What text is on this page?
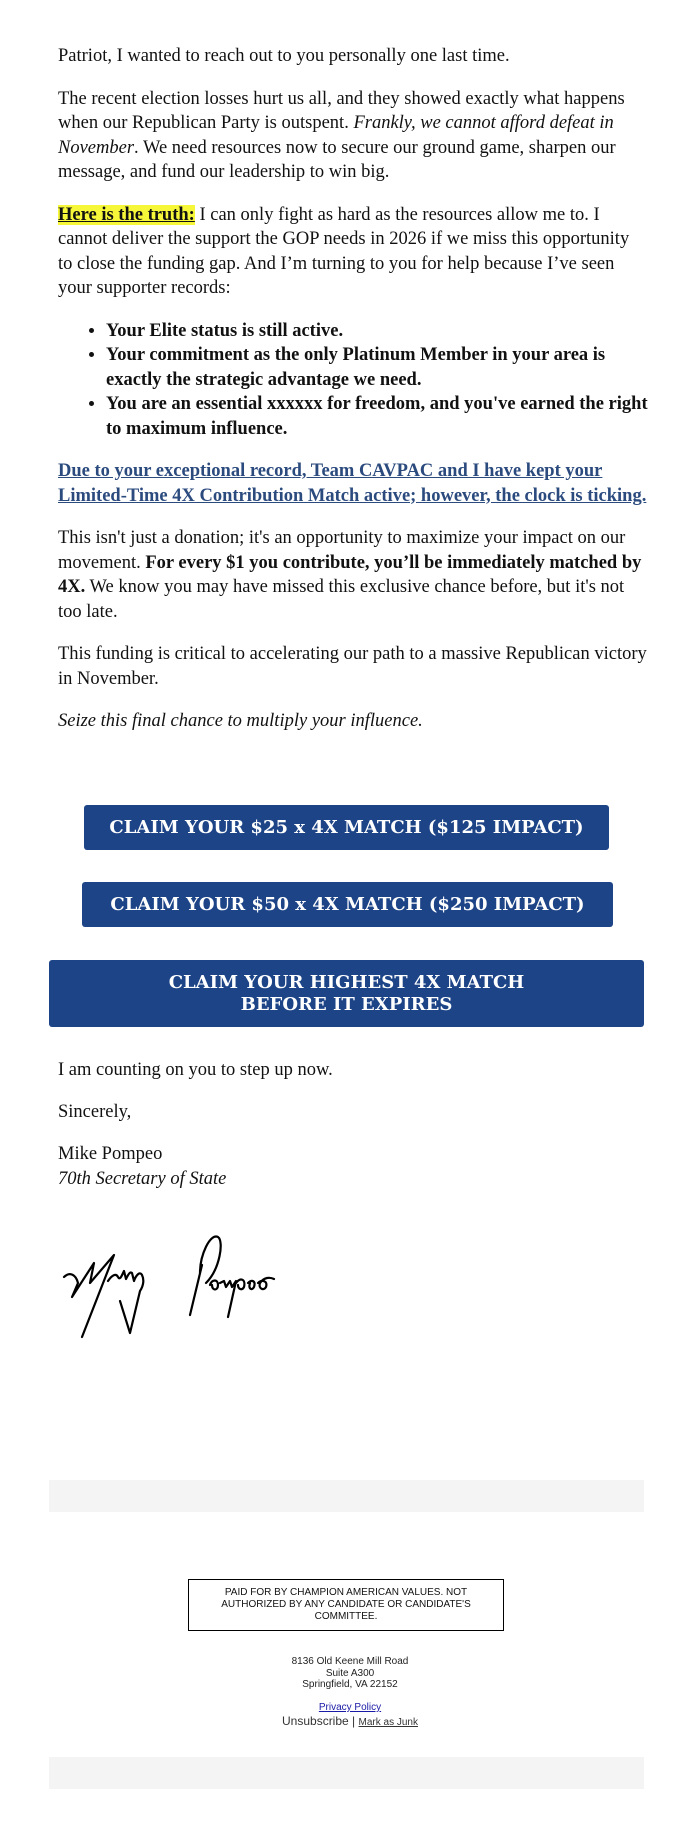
Patriot, I wanted to reach out to you personally one last time.

The recent election losses hurt us all, and they showed exactly what happens when our Republican Party is outspent. Frankly, we cannot afford defeat in November. We need resources now to secure our ground game, sharpen our message, and fund our leadership to win big.

Here is the truth: I can only fight as hard as the resources allow me to. I cannot deliver the support the GOP needs in 2026 if we miss this opportunity to close the funding gap. And I’m turning to you for help because I’ve seen your supporter records:

• Your Elite status is still active.
• Your commitment as the only Platinum Member in your area is exactly the strategic advantage we need.
• You are an essential xxxxxx for freedom, and you've earned the right to maximum influence.
Due to your exceptional record, Team CAVPAC and I have kept your Limited-Time 4X Contribution Match active; however, the clock is ticking.

This isn't just a donation; it's an opportunity to maximize your impact on our movement. For every $1 you contribute, you’ll be immediately matched by 4X. We know you may have missed this exclusive chance before, but it's not too late.

This funding is critical to accelerating our path to a massive Republican victory in November.

Seize this final chance to multiply your influence.

CLAIM YOUR $25 x 4X MATCH ($125 IMPACT)
CLAIM YOUR $50 x 4X MATCH ($250 IMPACT)
CLAIM YOUR HIGHEST 4X MATCH BEFORE IT EXPIRES
I am counting on you to step up now.
Sincerely,
Mike Pompeo
70th Secretary of State
PAID FOR BY CHAMPION AMERICAN VALUES. NOT AUTHORIZED BY ANY CANDIDATE OR CANDIDATE'S COMMITTEE.
8136 Old Keene Mill Road
Suite A300
Springfield, VA 22152
Privacy Policy
Unsubscribe | Mark as Junk
